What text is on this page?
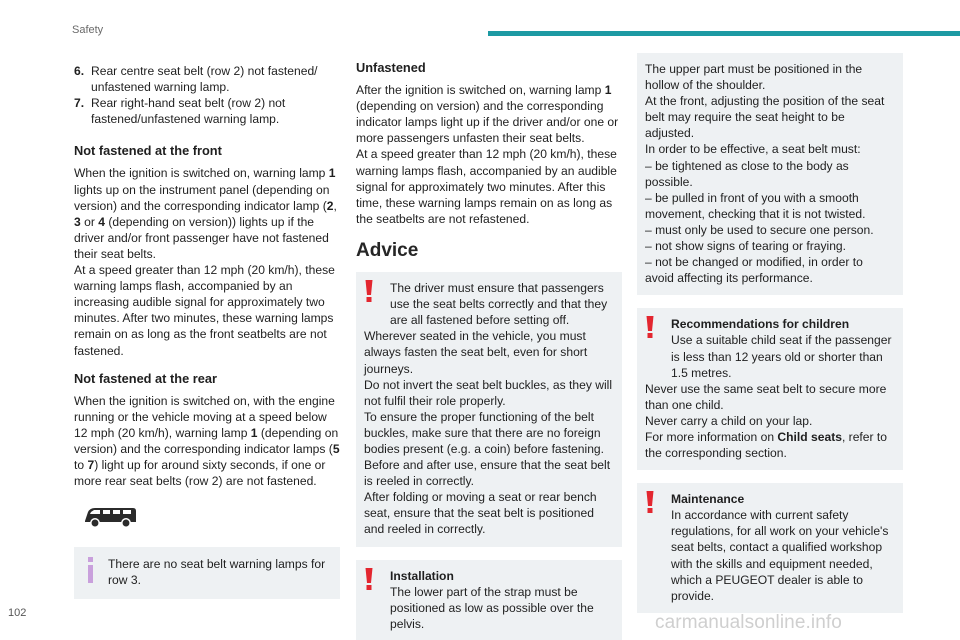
Safety
6. Rear centre seat belt (row 2) not fastened/ unfastened warning lamp.

7. Rear right-hand seat belt (row 2) not fastened/unfastened warning lamp.

Not fastened at the front

When the ignition is switched on, warning lamp 1 lights up on the instrument panel (depending on version) and the corresponding indicator lamp (2, 3 or 4 (depending on version)) lights up if the driver and/or front passenger have not fastened their seat belts.

At a speed greater than 12 mph (20 km/h), these warning lamps flash, accompanied by an increasing audible signal for approximately two minutes. After two minutes, these warning lamps remain on as long as the front seatbelts are not fastened.

Not fastened at the rear

When the ignition is switched on, with the engine running or the vehicle moving at a speed below 12 mph (20 km/h), warning lamp 1 (depending on version) and the corresponding indicator lamps (5 to 7) light up for around sixty seconds, if one or more rear seat belts (row 2) are not fastened.

There are no seat belt warning lamps for row 3.

Unfastened

After the ignition is switched on, warning lamp 1 (depending on version) and the corresponding indicator lamps light up if the driver and/or one or more passengers unfasten their seat belts.

At a speed greater than 12 mph (20 km/h), these warning lamps flash, accompanied by an audible signal for approximately two minutes. After this time, these warning lamps remain on as long as the seatbelts are not refastened.

Advice

The driver must ensure that passengers use the seat belts correctly and that they are all fastened before setting off.

Wherever seated in the vehicle, you must always fasten the seat belt, even for short journeys.

Do not invert the seat belt buckles, as they will not fulfil their role properly.

To ensure the proper functioning of the belt buckles, make sure that there are no foreign bodies present (e.g. a coin) before fastening.

Before and after use, ensure that the seat belt is reeled in correctly.

After folding or moving a seat or rear bench seat, ensure that the seat belt is positioned and reeled in correctly.

Installation

The lower part of the strap must be positioned as low as possible over the pelvis.

The upper part must be positioned in the hollow of the shoulder.

At the front, adjusting the position of the seat belt may require the seat height to be adjusted.

In order to be effective, a seat belt must:

– be tightened as close to the body as possible.

– be pulled in front of you with a smooth movement, checking that it is not twisted.

– must only be used to secure one person.

– not show signs of tearing or fraying.

– not be changed or modified, in order to avoid affecting its performance.

Recommendations for children

Use a suitable child seat if the passenger is less than 12 years old or shorter than 1.5 metres.

Never use the same seat belt to secure more than one child.

Never carry a child on your lap.

For more information on Child seats, refer to the corresponding section.

Maintenance

In accordance with current safety regulations, for all work on your vehicle's seat belts, contact a qualified workshop with the skills and equipment needed, which a PEUGEOT dealer is able to provide.

102	carmanualsonline.info
